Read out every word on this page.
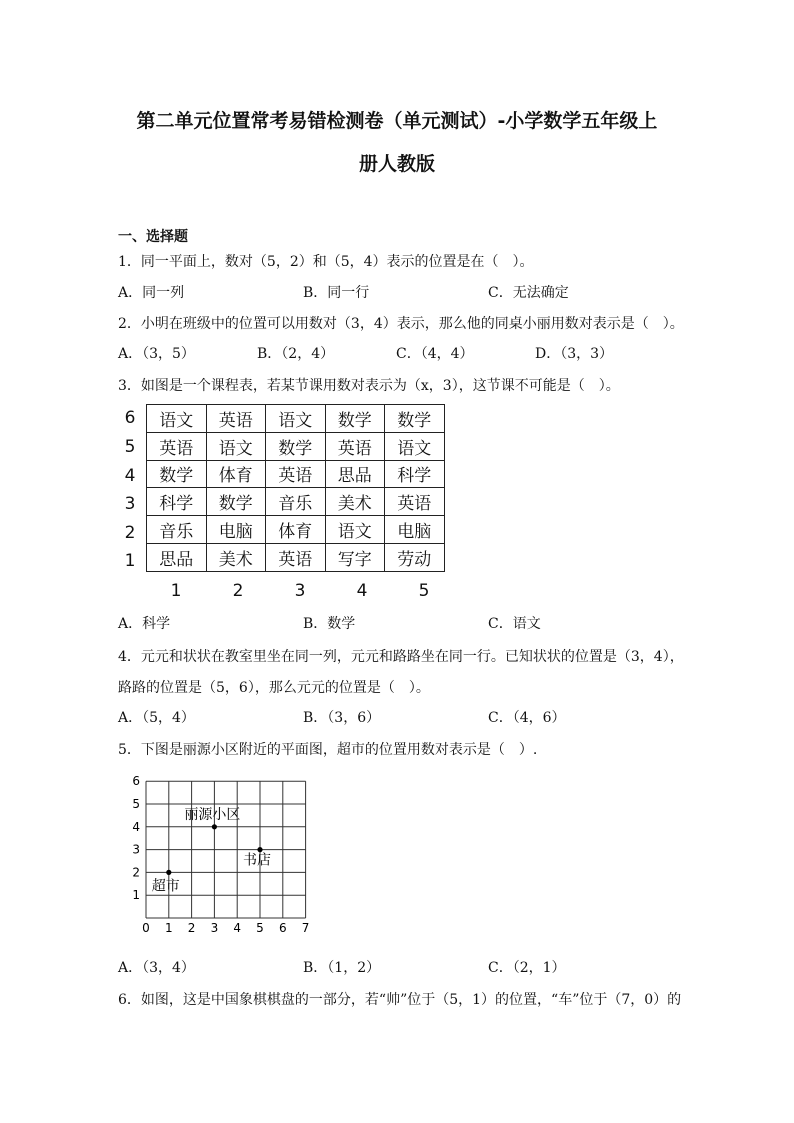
第二单元位置常考易错检测卷（单元测试）-小学数学五年级上
册人教版
一、选择题
1．同一平面上，数对（5，2）和（5，4）表示的位置是在（　）。
A．同一列	B．同一行	C．无法确定
2．小明在班级中的位置可以用数对（3，4）表示，那么他的同桌小丽用数对表示是（　）。
A．（3，5）	B．（2，4）	C．（4，4）	D．（3，3）
3．如图是一个课程表，若某节课用数对表示为（x，3），这节课不可能是（　）。
6
5
4
3
2
1
语文	英语	语文	数学	数学
英语	语文	数学	英语	语文
数学	体育	英语	思品	科学
科学	数学	音乐	美术	英语
音乐	电脑	体育	语文	电脑
思品	美术	英语	写字	劳动
1	2	3	4	5
A．科学	B．数学	C．语文
4．元元和状状在教室里坐在同一列，元元和路路坐在同一行。已知状状的位置是（3，4），
路路的位置是（5，6），那么元元的位置是（　）。
A．（5，4）	B．（3，6）	C．（4，6）
5．下图是丽源小区附近的平面图，超市的位置用数对表示是（　）.
0 1 2 3 4 5 6 7
1
2
3
4
5
6
丽源小区
书店
超市
A．（3，4）	B．（1，2）	C．（2，1）
6．如图，这是中国象棋棋盘的一部分，若“帅”位于（5，1）的位置，“车”位于（7，0）的
